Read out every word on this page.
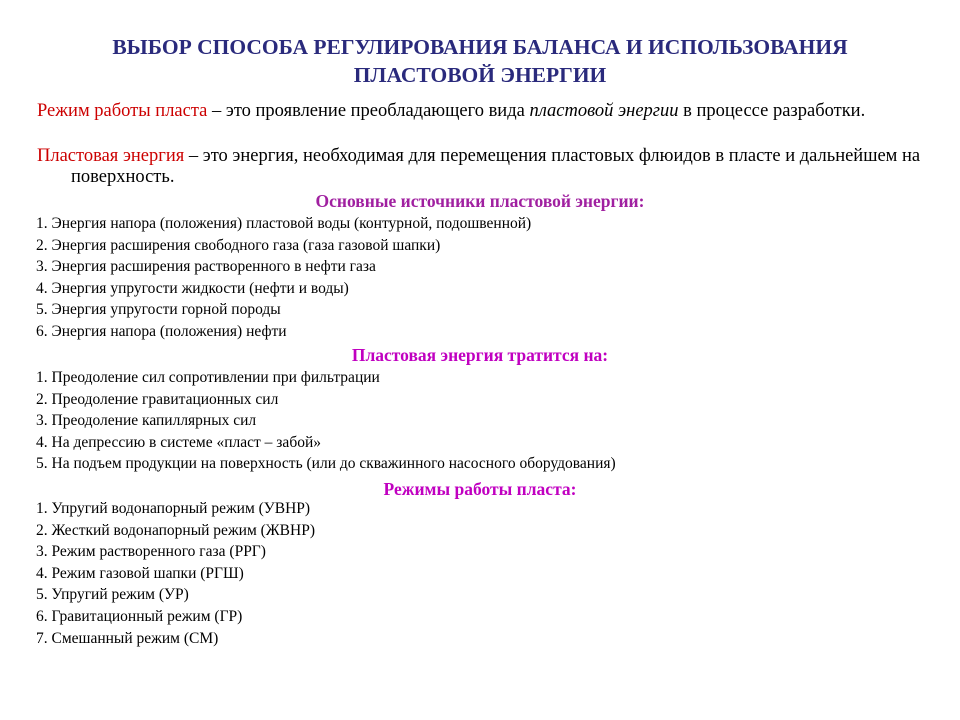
ВЫБОР СПОСОБА РЕГУЛИРОВАНИЯ БАЛАНСА И ИСПОЛЬЗОВАНИЯ
ПЛАСТОВОЙ ЭНЕРГИИ

Режим работы пласта – это проявление преобладающего вида пластовой энергии в процессе разработки.

Пластовая энергия – это энергия, необходимая для перемещения пластовых флюидов в пласте и дальнейшем на поверхность.

Основные источники пластовой энергии:
1. Энергия напора (положения) пластовой воды (контурной, подошвенной)
2. Энергия расширения свободного газа (газа газовой шапки)
3. Энергия расширения растворенного в нефти газа
4. Энергия упругости жидкости (нефти и воды)
5. Энергия упругости горной породы
6. Энергия напора (положения) нефти
Пластовая энергия тратится на:
1. Преодоление сил сопротивлении при фильтрации
2. Преодоление гравитационных сил
3. Преодоление капиллярных сил
4. На депрессию в системе «пласт – забой»
5. На подъем продукции на поверхность (или до скважинного насосного оборудования)
Режимы работы пласта:
1. Упругий водонапорный режим (УВНР)
2. Жесткий водонапорный режим (ЖВНР)
3. Режим растворенного газа (РРГ)
4. Режим газовой шапки (РГШ)
5. Упругий режим (УР)
6. Гравитационный режим (ГР)
7. Смешанный режим (СМ)
